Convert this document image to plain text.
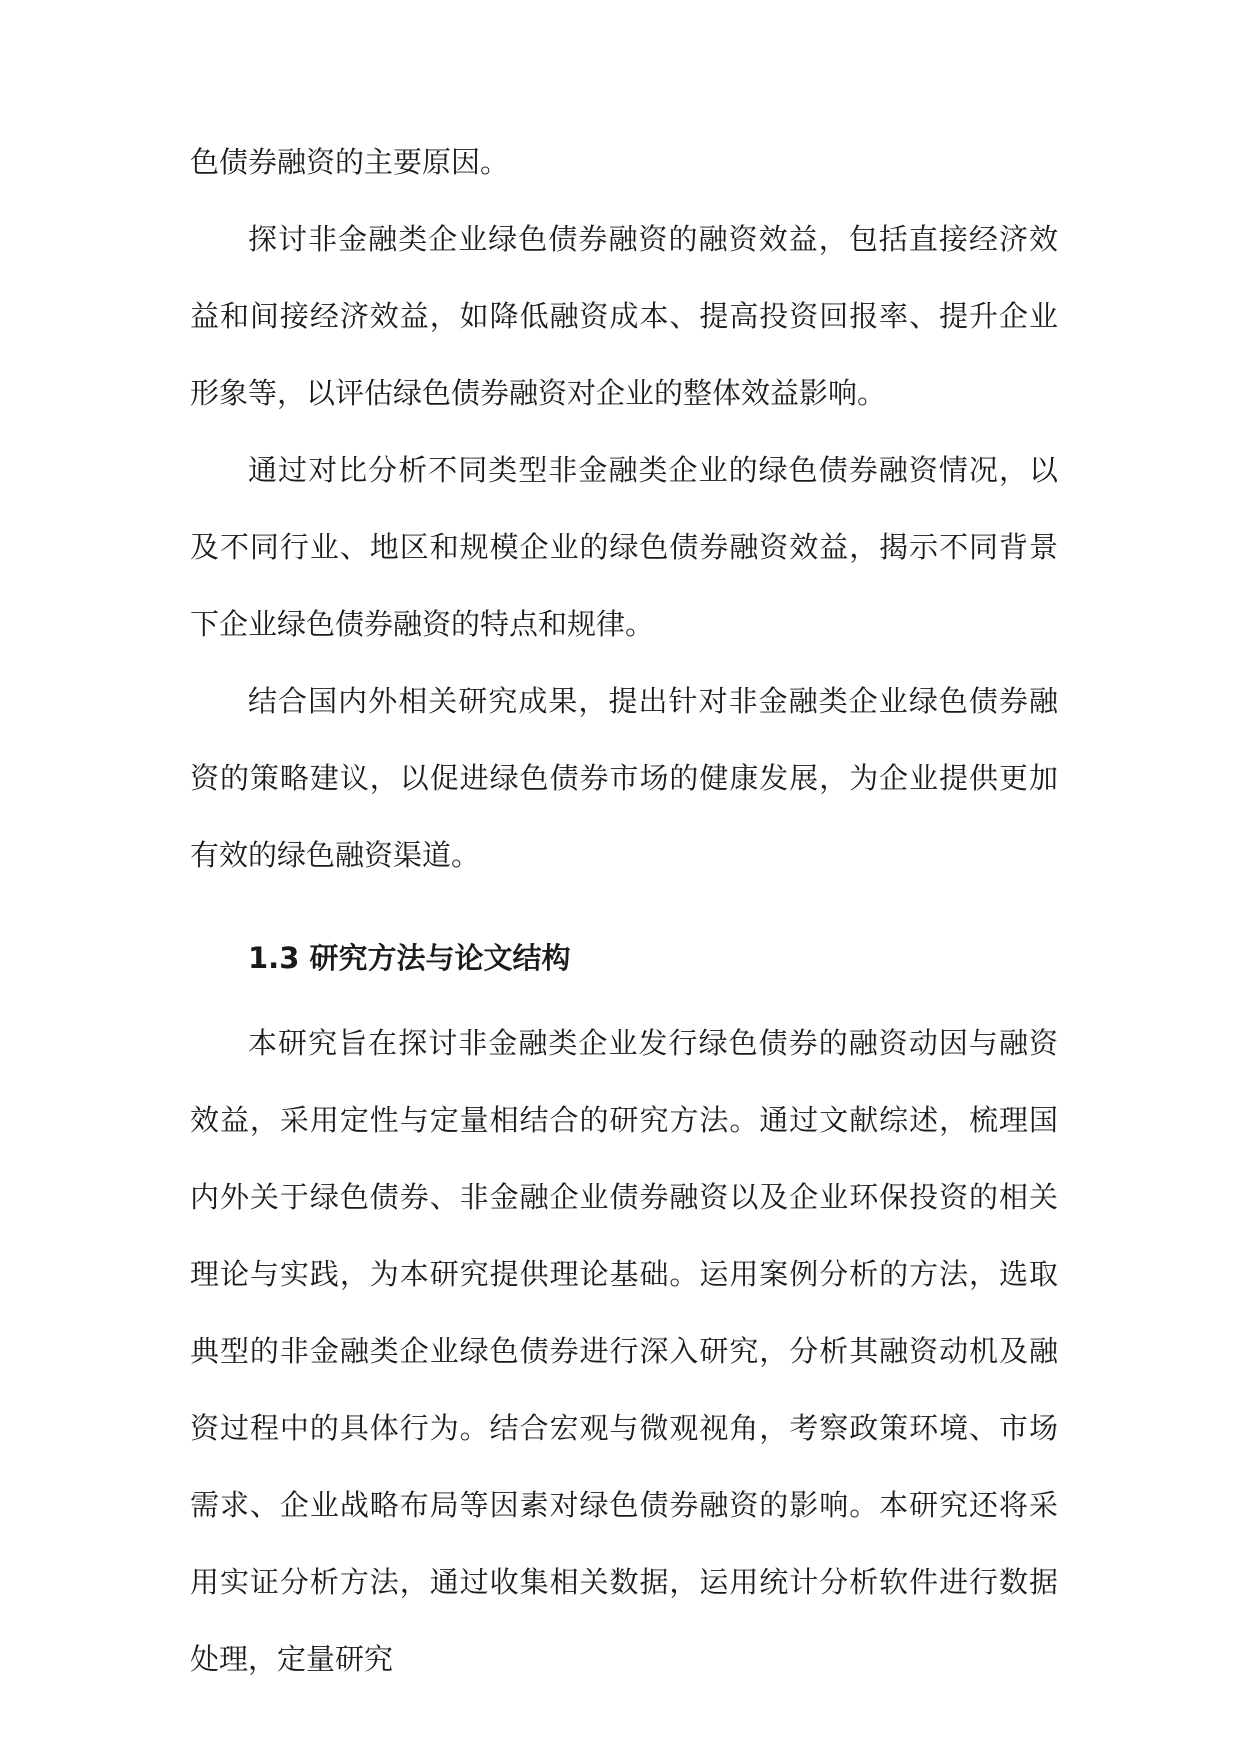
色债券融资的主要原因。

探讨非金融类企业绿色债券融资的融资效益，包括直接经济效益和间接经济效益，如降低融资成本、提高投资回报率、提升企业形象等，以评估绿色债券融资对企业的整体效益影响。

通过对比分析不同类型非金融类企业的绿色债券融资情况，以及不同行业、地区和规模企业的绿色债券融资效益，揭示不同背景下企业绿色债券融资的特点和规律。

结合国内外相关研究成果，提出针对非金融类企业绿色债券融资的策略建议，以促进绿色债券市场的健康发展，为企业提供更加有效的绿色融资渠道。

1.3 研究方法与论文结构

本研究旨在探讨非金融类企业发行绿色债券的融资动因与融资效益，采用定性与定量相结合的研究方法。通过文献综述，梳理国内外关于绿色债券、非金融企业债券融资以及企业环保投资的相关理论与实践，为本研究提供理论基础。运用案例分析的方法，选取典型的非金融类企业绿色债券进行深入研究，分析其融资动机及融资过程中的具体行为。结合宏观与微观视角，考察政策环境、市场需求、企业战略布局等因素对绿色债券融资的影响。本研究还将采用实证分析方法，通过收集相关数据，运用统计分析软件进行数据处理，定量研究
